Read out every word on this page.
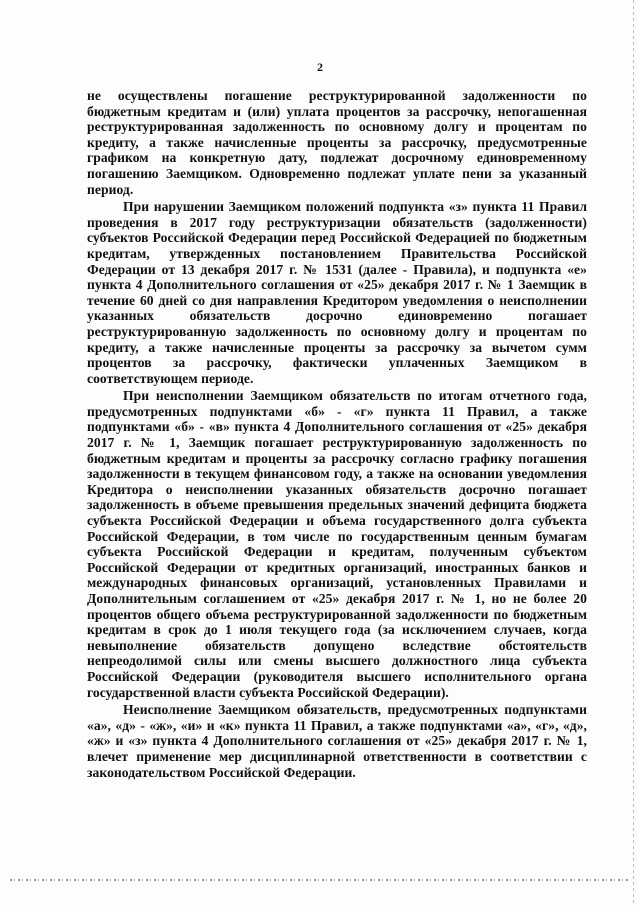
2

не осуществлены погашение реструктурированной задолженности по бюджетным кредитам и (или) уплата процентов за рассрочку, непогашенная реструктурированная задолженность по основному долгу и процентам по кредиту, а также начисленные проценты за рассрочку, предусмотренные графиком на конкретную дату, подлежат досрочному единовременному погашению Заемщиком. Одновременно подлежат уплате пени за указанный период.

При нарушении Заемщиком положений подпункта «з» пункта 11 Правил проведения в 2017 году реструктуризации обязательств (задолженности) субъектов Российской Федерации перед Российской Федерацией по бюджетным кредитам, утвержденных постановлением Правительства Российской Федерации от 13 декабря 2017 г. № 1531 (далее - Правила), и подпункта «е» пункта 4 Дополнительного соглашения от «25» декабря 2017 г. № 1 Заемщик в течение 60 дней со дня направления Кредитором уведомления о неисполнении указанных обязательств досрочно единовременно погашает реструктурированную задолженность по основному долгу и процентам по кредиту, а также начисленные проценты за рассрочку за вычетом сумм процентов за рассрочку, фактически уплаченных Заемщиком в соответствующем периоде.

При неисполнении Заемщиком обязательств по итогам отчетного года, предусмотренных подпунктами «б» - «г» пункта 11 Правил, а также подпунктами «б» - «в» пункта 4 Дополнительного соглашения от «25» декабря 2017 г. № 1, Заемщик погашает реструктурированную задолженность по бюджетным кредитам и проценты за рассрочку согласно графику погашения задолженности в текущем финансовом году, а также на основании уведомления Кредитора о неисполнении указанных обязательств досрочно погашает задолженность в объеме превышения предельных значений дефицита бюджета субъекта Российской Федерации и объема государственного долга субъекта Российской Федерации, в том числе по государственным ценным бумагам субъекта Российской Федерации и кредитам, полученным субъектом Российской Федерации от кредитных организаций, иностранных банков и международных финансовых организаций, установленных Правилами и Дополнительным соглашением от «25» декабря 2017 г. № 1, но не более 20 процентов общего объема реструктурированной задолженности по бюджетным кредитам в срок до 1 июля текущего года (за исключением случаев, когда невыполнение обязательств допущено вследствие обстоятельств непреодолимой силы или смены высшего должностного лица субъекта Российской Федерации (руководителя высшего исполнительного органа государственной власти субъекта Российской Федерации).

Неисполнение Заемщиком обязательств, предусмотренных подпунктами «а», «д» - «ж», «и» и «к» пункта 11 Правил, а также подпунктами «а», «г», «д», «ж» и «з» пункта 4 Дополнительного соглашения от «25» декабря 2017 г. № 1, влечет применение мер дисциплинарной ответственности в соответствии с законодательством Российской Федерации.
